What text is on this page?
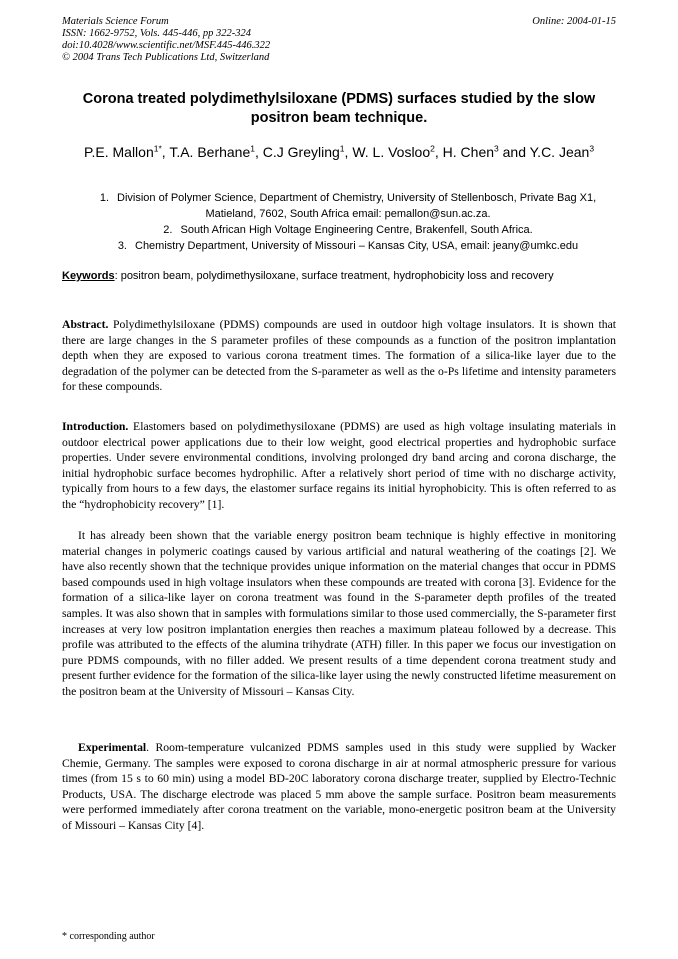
Materials Science Forum
ISSN: 1662-9752, Vols. 445-446, pp 322-324
doi:10.4028/www.scientific.net/MSF.445-446.322
© 2004 Trans Tech Publications Ltd, Switzerland
Online: 2004-01-15
Corona treated polydimethylsiloxane (PDMS) surfaces studied by the slow positron beam technique.
P.E. Mallon$^{1*}$, T.A. Berhane$^1$, C.J Greyling$^1$, W. L. Vosloo$^2$, H. Chen$^3$ and Y.C. Jean$^3$
1. Division of Polymer Science, Department of Chemistry, University of Stellenbosch, Private Bag X1, Matieland, 7602, South Africa email: pemallon@sun.ac.za.
2. South African High Voltage Engineering Centre, Brakenfell, South Africa.
3. Chemistry Department, University of Missouri – Kansas City, USA, email: jeany@umkc.edu
Keywords: positron beam, polydimethysiloxane, surface treatment, hydrophobicity loss and recovery
Abstract. Polydimethylsiloxane (PDMS) compounds are used in outdoor high voltage insulators. It is shown that there are large changes in the S parameter profiles of these compounds as a function of the positron implantation depth when they are exposed to various corona treatment times. The formation of a silica-like layer due to the degradation of the polymer can be detected from the S-parameter as well as the o-Ps lifetime and intensity parameters for these compounds.
Introduction. Elastomers based on polydimethysiloxane (PDMS) are used as high voltage insulating materials in outdoor electrical power applications due to their low weight, good electrical properties and hydrophobic surface properties. Under severe environmental conditions, involving prolonged dry band arcing and corona discharge, the initial hydrophobic surface becomes hydrophilic. After a relatively short period of time with no discharge activity, typically from hours to a few days, the elastomer surface regains its initial hyrophobicity. This is often referred to as the “hydrophobicity recovery” [1].
It has already been shown that the variable energy positron beam technique is highly effective in monitoring material changes in polymeric coatings caused by various artificial and natural weathering of the coatings [2]. We have also recently shown that the technique provides unique information on the material changes that occur in PDMS based compounds used in high voltage insulators when these compounds are treated with corona [3]. Evidence for the formation of a silica-like layer on corona treatment was found in the S-parameter depth profiles of the treated samples. It was also shown that in samples with formulations similar to those used commercially, the S-parameter first increases at very low positron implantation energies then reaches a maximum plateau followed by a decrease. This profile was attributed to the effects of the alumina trihydrate (ATH) filler. In this paper we focus our investigation on pure PDMS compounds, with no filler added. We present results of a time dependent corona treatment study and present further evidence for the formation of the silica-like layer using the newly constructed lifetime measurement on the positron beam at the University of Missouri – Kansas City.
Experimental. Room-temperature vulcanized PDMS samples used in this study were supplied by Wacker Chemie, Germany. The samples were exposed to corona discharge in air at normal atmospheric pressure for various times (from 15 s to 60 min) using a model BD-20C laboratory corona discharge treater, supplied by Electro-Technic Products, USA. The discharge electrode was placed 5 mm above the sample surface. Positron beam measurements were performed immediately after corona treatment on the variable, mono-energetic positron beam at the University of Missouri – Kansas City [4].
* corresponding author
